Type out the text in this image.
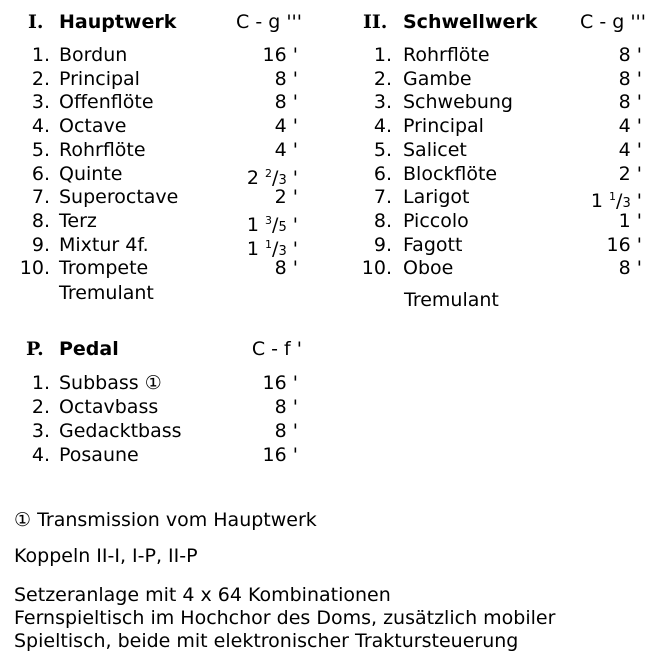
I. Hauptwerk	C - g '''
1. Bordun	16 '
2. Principal	8 '
3. Offenflöte	8 '
4. Octave	4 '
5. Rohrflöte	4 '
6. Quinte	2 $^2$/3 '
7. Superoctave	2 '
8. Terz	1 $^3$/5 '
9. Mixtur 4f.	1 $^1$/3 '
10. Trompete	8 '
Tremulant
II. Schwellwerk	C - g '''
1. Rohrflöte	8 '
2. Gambe	8 '
3. Schwebung	8 '
4. Principal	4 '
5. Salicet	4 '
6. Blockflöte	2 '
7. Larigot	1 $^1$/3 '
8. Piccolo	1 '
9. Fagott	16 '
10. Oboe	8 '
Tremulant
P. Pedal	C - f '
1. Subbass ①	16 '
2. Octavbass	8 '
3. Gedacktbass	8 '
4. Posaune	16 '
① Transmission vom Hauptwerk
Koppeln II-I, I-P, II-P
Setzeranlage mit 4 x 64 Kombinationen
Fernspieltisch im Hochchor des Doms, zusätzlich mobiler
Spieltisch, beide mit elektronischer Traktursteuerung
